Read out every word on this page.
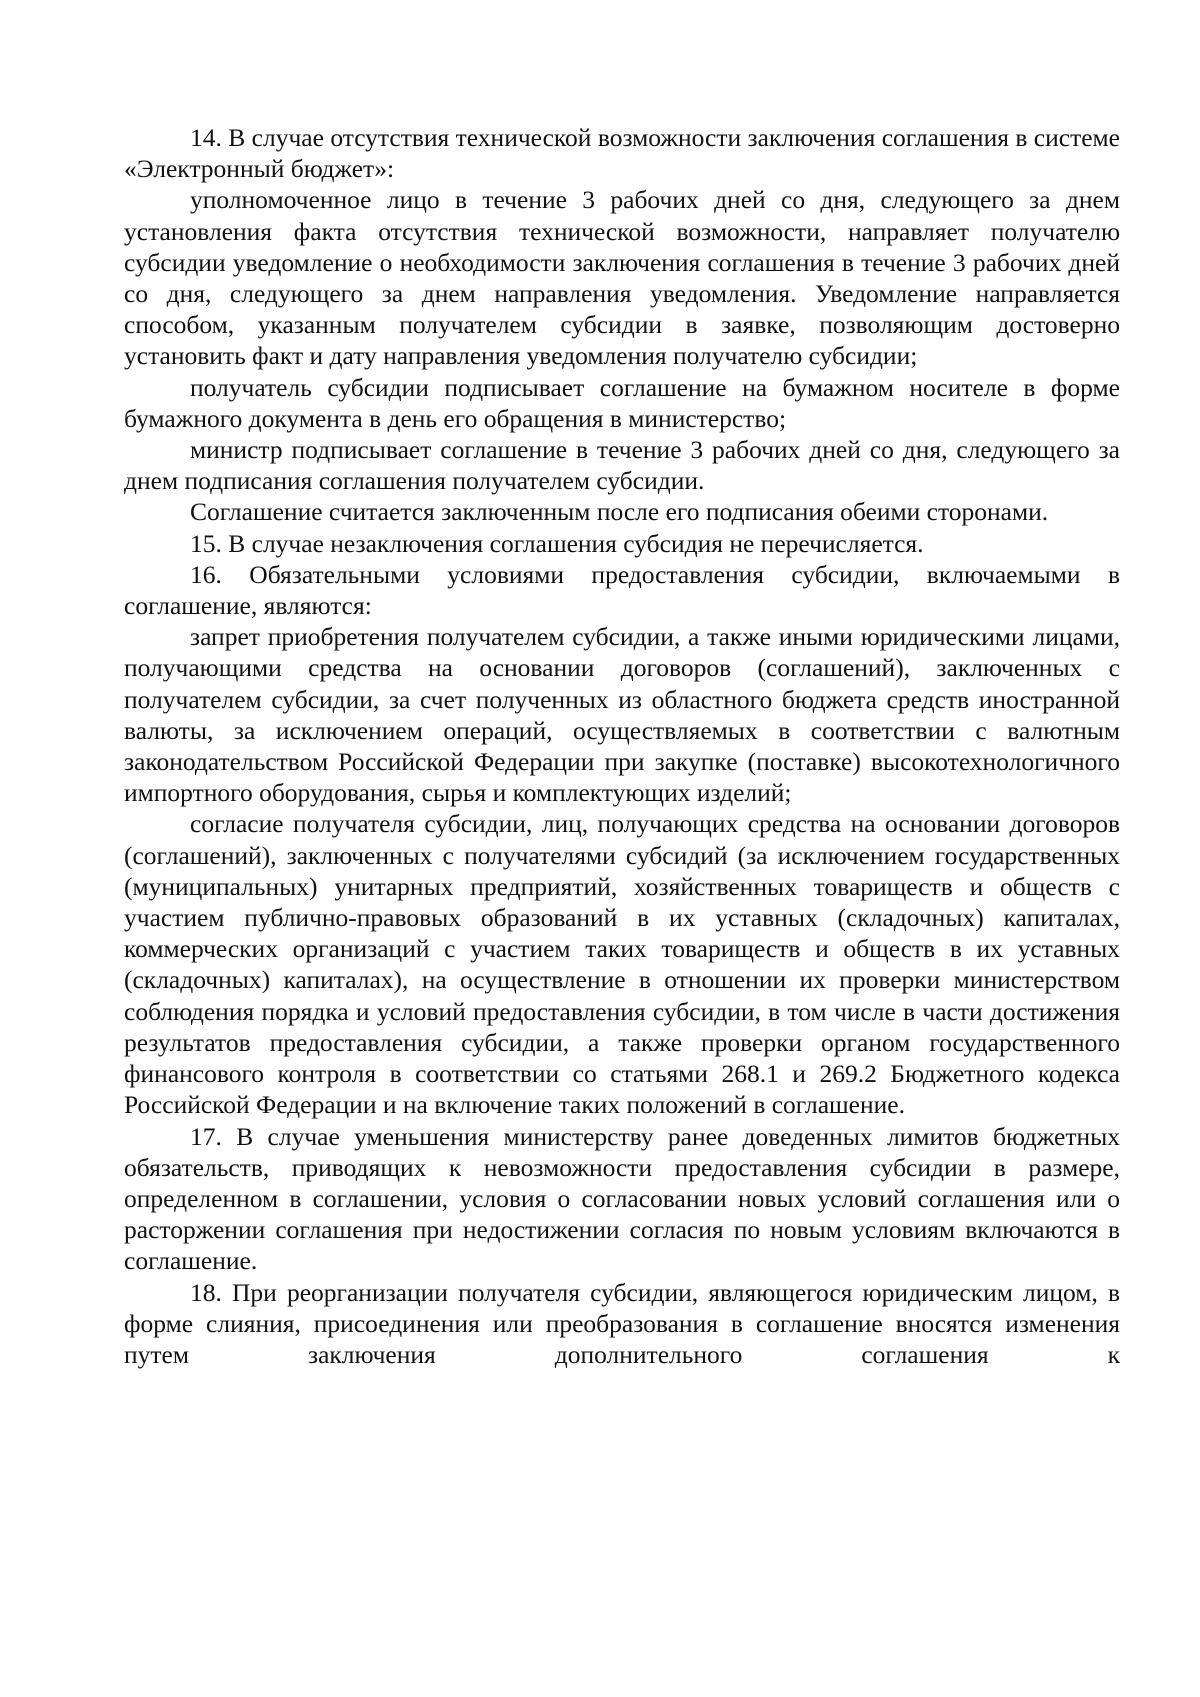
14. В случае отсутствия технической возможности заключения соглашения в системе «Электронный бюджет»:

уполномоченное лицо в течение 3 рабочих дней со дня, следующего за днем установления факта отсутствия технической возможности, направляет получателю субсидии уведомление о необходимости заключения соглашения в течение 3 рабочих дней со дня, следующего за днем направления уведомления. Уведомление направляется способом, указанным получателем субсидии в заявке, позволяющим достоверно установить факт и дату направления уведомления получателю субсидии;

получатель субсидии подписывает соглашение на бумажном носителе в форме бумажного документа в день его обращения в министерство;

министр подписывает соглашение в течение 3 рабочих дней со дня, следующего за днем подписания соглашения получателем субсидии.

Соглашение считается заключенным после его подписания обеими сторонами.

15. В случае незаключения соглашения субсидия не перечисляется.

16. Обязательными условиями предоставления субсидии, включаемыми в соглашение, являются:

запрет приобретения получателем субсидии, а также иными юридическими лицами, получающими средства на основании договоров (соглашений), заключенных с получателем субсидии, за счет полученных из областного бюджета средств иностранной валюты, за исключением операций, осуществляемых в соответствии с валютным законодательством Российской Федерации при закупке (поставке) высокотехнологичного импортного оборудования, сырья и комплектующих изделий;

согласие получателя субсидии, лиц, получающих средства на основании договоров (соглашений), заключенных с получателями субсидий (за исключением государственных (муниципальных) унитарных предприятий, хозяйственных товариществ и обществ с участием публично-правовых образований в их уставных (складочных) капиталах, коммерческих организаций с участием таких товариществ и обществ в их уставных (складочных) капиталах), на осуществление в отношении их проверки министерством соблюдения порядка и условий предоставления субсидии, в том числе в части достижения результатов предоставления субсидии, а также проверки органом государственного финансового контроля в соответствии со статьями 268.1 и 269.2 Бюджетного кодекса Российской Федерации и на включение таких положений в соглашение.

17. В случае уменьшения министерству ранее доведенных лимитов бюджетных обязательств, приводящих к невозможности предоставления субсидии в размере, определенном в соглашении, условия о согласовании новых условий соглашения или о расторжении соглашения при недостижении согласия по новым условиям включаются в соглашение.

18. При реорганизации получателя субсидии, являющегося юридическим лицом, в форме слияния, присоединения или преобразования в соглашение вносятся изменения путем заключения дополнительного соглашения к
